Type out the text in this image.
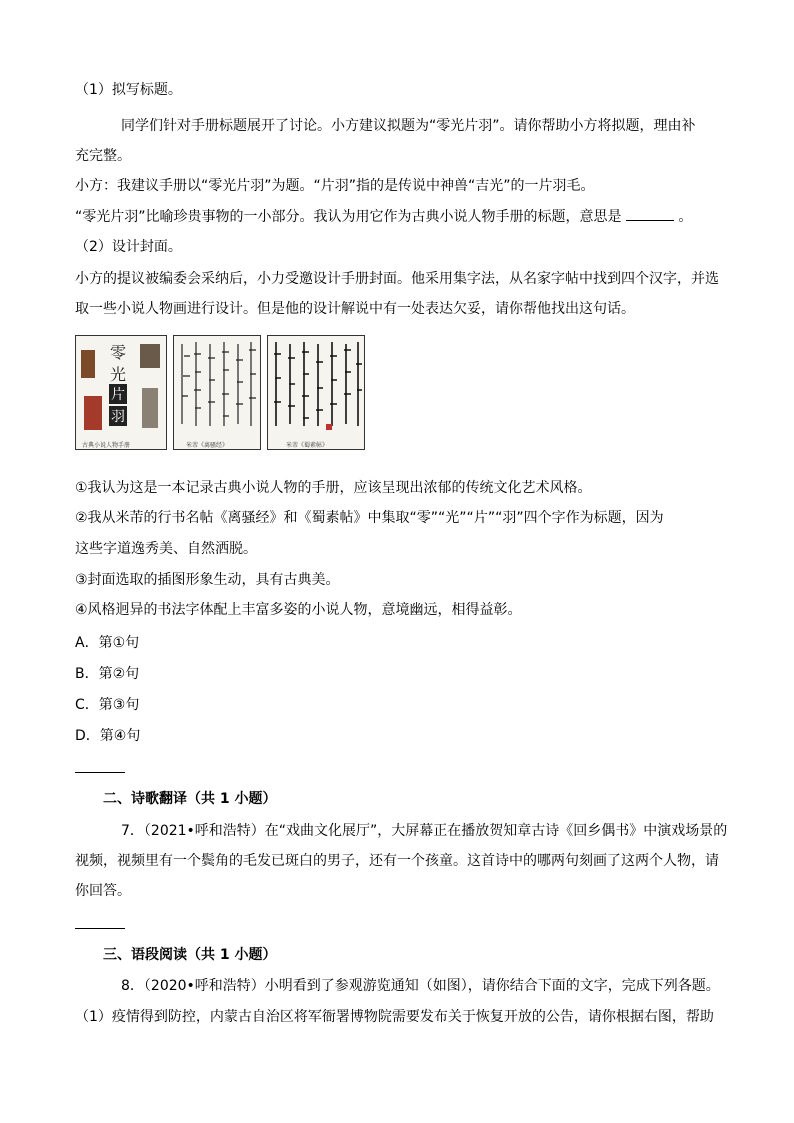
（1）拟写标题。
同学们针对手册标题展开了讨论。小方建议拟题为“零光片羽”。请你帮助小方将拟题，理由补
充完整。
小方：我建议手册以“零光片羽”为题。“片羽”指的是传说中神兽“吉光”的一片羽毛。
“零光片羽”比喻珍贵事物的一小部分。我认为用它作为古典小说人物手册的标题，意思是	。
（2）设计封面。
小方的提议被编委会采纳后，小力受邀设计手册封面。他采用集字法，从名家字帖中找到四个汉字，并选
取一些小说人物画进行设计。但是他的设计解说中有一处表达欠妥，请你帮他找出这句话。
零
光
片
羽
古典小说人物手册	米芾《离骚经》	米芾《蜀素帖》
①我认为这是一本记录古典小说人物的手册，应该呈现出浓郁的传统文化艺术风格。
②我从米芾的行书名帖《离骚经》和《蜀素帖》中集取“零”“光”“片”“羽”四个字作为标题，因为
这些字道逸秀美、自然洒脱。
③封面选取的插图形象生动，具有古典美。
④风格迥异的书法字体配上丰富多姿的小说人物，意境幽远，相得益彰。
A．第①句
B．第②句
C．第③句
D．第④句
二、诗歌翻译（共 1 小题）
7．（2021•呼和浩特）在“戏曲文化展厅”，大屏幕正在播放贺知章古诗《回乡偶书》中演戏场景的
视频，视频里有一个鬓角的毛发已斑白的男子，还有一个孩童。这首诗中的哪两句刻画了这两个人物，请
你回答。
三、语段阅读（共 1 小题）
8．（2020•呼和浩特）小明看到了参观游览通知（如图），请你结合下面的文字，完成下列各题。
（1）疫情得到防控，内蒙古自治区将军衙署博物院需要发布关于恢复开放的公告，请你根据右图，帮助
